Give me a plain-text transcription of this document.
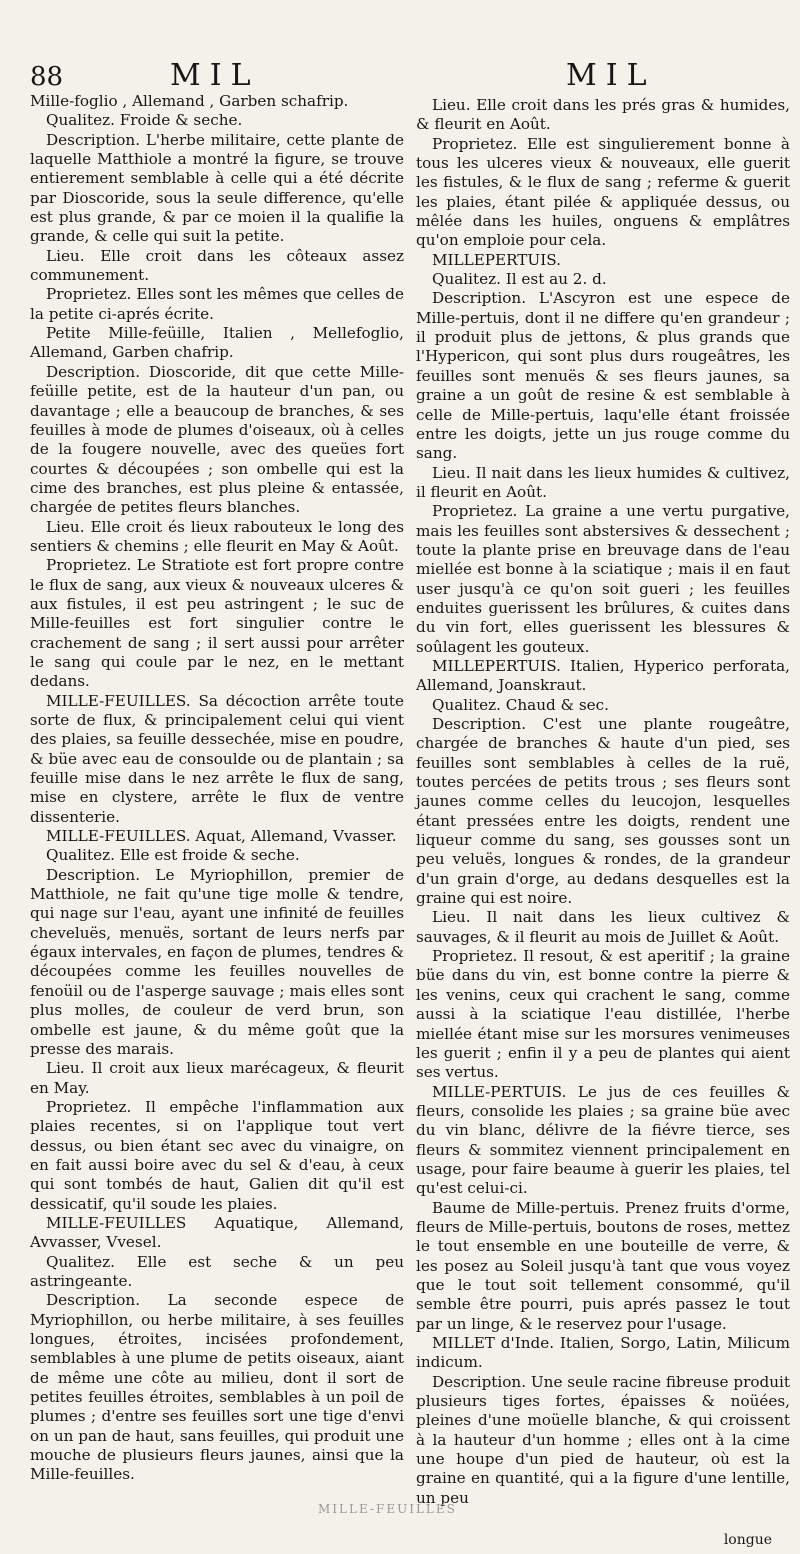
88	MIL	MIL

Mille-foglio , Allemand , Garben schafrip.

Qualitez. Froide & seche.

Description. L'herbe militaire, cette plante de laquelle Matthiole a montré la figure, se trouve entierement semblable à celle qui a été décrite par Dioscoride, sous la seule difference, qu'elle est plus grande, & par ce moien il la qualifie la grande, & celle qui suit la petite.

Lieu. Elle croit dans les côteaux assez communement.

Proprietez. Elles sont les mêmes que celles de la petite ci-aprés écrite.

Petite Mille-feüille, Italien , Mellefoglio, Allemand, Garben chafrip.

Description. Dioscoride, dit que cette Mille-feüille petite, est de la hauteur d'un pan, ou davantage ; elle a beaucoup de branches, & ses feuilles à mode de plumes d'oiseaux, où à celles de la fougere nouvelle, avec des queües fort courtes & découpées ; son ombelle qui est la cime des branches, est plus pleine & entassée, chargée de petites fleurs blanches.

Lieu. Elle croit és lieux rabouteux le long des sentiers & chemins ; elle fleurit en May & Août.

Proprietez. Le Stratiote est fort propre contre le flux de sang, aux vieux & nouveaux ulceres & aux fistules, il est peu astringent ; le suc de Mille-feuilles est fort singulier contre le crachement de sang ; il sert aussi pour arrêter le sang qui coule par le nez, en le mettant dedans.

MILLE-FEUILLES. Sa décoction arrête toute sorte de flux, & principalement celui qui vient des plaies, sa feuille dessechée, mise en poudre, & büe avec eau de consoulde ou de plantain ; sa feuille mise dans le nez arrête le flux de sang, mise en clystere, arrête le flux de ventre dissenterie.

MILLE-FEUILLES. Aquat, Allemand, Vvasser.

Qualitez. Elle est froide & seche.

Description. Le Myriophillon, premier de Matthiole, ne fait qu'une tige molle & tendre, qui nage sur l'eau, ayant une infinité de feuilles cheveluës, menuës, sortant de leurs nerfs par égaux intervales, en façon de plumes, tendres & découpées comme les feuilles nouvelles de fenoüil ou de l'asperge sauvage ; mais elles sont plus molles, de couleur de verd brun, son ombelle est jaune, & du même goût que la presse des marais.

Lieu. Il croit aux lieux marécageux, & fleurit en May.

Proprietez. Il empêche l'inflammation aux plaies recentes, si on l'applique tout vert dessus, ou bien étant sec avec du vinaigre, on en fait aussi boire avec du sel & d'eau, à ceux qui sont tombés de haut, Galien dit qu'il est dessicatif, qu'il soude les plaies.

MILLE-FEUILLES Aquatique, Allemand, Avvasser, Vvesel.

Qualitez. Elle est seche & un peu astringeante.

Description. La seconde espece de Myriophillon, ou herbe militaire, à ses feuilles longues, étroites, incisées profondement, semblables à une plume de petits oiseaux, aiant de même une côte au milieu, dont il sort de petites feuilles étroites, semblables à un poil de plumes ; d'entre ses feuilles sort une tige d'envi on un pan de haut, sans feuilles, qui produit une mouche de plusieurs fleurs jaunes, ainsi que la Mille-feuilles.

Lieu. Elle croit dans les prés gras & humides, & fleurit en Août.

Proprietez. Elle est singulierement bonne à tous les ulceres vieux & nouveaux, elle guerit les fistules, & le flux de sang ; referme & guerit les plaies, étant pilée & appliquée dessus, ou mêlée dans les huiles, onguens & emplâtres qu'on emploie pour cela.

MILLEPERTUIS.

Qualitez. Il est au 2. d.

Description. L'Ascyron est une espece de Mille-pertuis, dont il ne differe qu'en grandeur ; il produit plus de jettons, & plus grands que l'Hypericon, qui sont plus durs rougeâtres, les feuilles sont menuës & ses fleurs jaunes, sa graine a un goût de resine & est semblable à celle de Mille-pertuis, laqu'elle étant froissée entre les doigts, jette un jus rouge comme du sang.

Lieu. Il nait dans les lieux humides & cultivez, il fleurit en Août.

Proprietez. La graine a une vertu purgative, mais les feuilles sont abstersives & dessechent ; toute la plante prise en breuvage dans de l'eau miellée est bonne à la sciatique ; mais il en faut user jusqu'à ce qu'on soit gueri ; les feuilles enduites guerissent les brûlures, & cuites dans du vin fort, elles guerissent les blessures & soûlagent les gouteux.

MILLEPERTUIS. Italien, Hyperico perforata, Allemand, Joanskraut.

Qualitez. Chaud & sec.

Description. C'est une plante rougeâtre, chargée de branches & haute d'un pied, ses feuilles sont semblables à celles de la ruë, toutes percées de petits trous ; ses fleurs sont jaunes comme celles du leucojon, lesquelles étant pressées entre les doigts, rendent une liqueur comme du sang, ses gousses sont un peu veluës, longues & rondes, de la grandeur d'un grain d'orge, au dedans desquelles est la graine qui est noire.

Lieu. Il nait dans les lieux cultivez & sauvages, & il fleurit au mois de Juillet & Août.

Proprietez. Il resout, & est aperitif ; la graine büe dans du vin, est bonne contre la pierre & les venins, ceux qui crachent le sang, comme aussi à la sciatique l'eau distillée, l'herbe miellée étant mise sur les morsures venimeuses les guerit ; enfin il y a peu de plantes qui aient ses vertus.

MILLE-PERTUIS. Le jus de ces feuilles & fleurs, consolide les plaies ; sa graine büe avec du vin blanc, délivre de la fiévre tierce, ses fleurs & sommitez viennent principalement en usage, pour faire beaume à guerir les plaies, tel qu'est celui-ci.

Baume de Mille-pertuis. Prenez fruits d'orme, fleurs de Mille-pertuis, boutons de roses, mettez le tout ensemble en une bouteille de verre, & les posez au Soleil jusqu'à tant que vous voyez que le tout soit tellement consommé, qu'il semble être pourri, puis aprés passez le tout par un linge, & le reservez pour l'usage.

MILLET d'Inde. Italien, Sorgo, Latin, Milicum indicum.

Description. Une seule racine fibreuse produit plusieurs tiges fortes, épaisses & noüées, pleines d'une moüelle blanche, & qui croissent à la hauteur d'un homme ; elles ont à la cime une houpe d'un pied de hauteur, où est la graine en quantité, qui a la figure d'une lentille, un peu

MILLE-FEUILLES
longue
